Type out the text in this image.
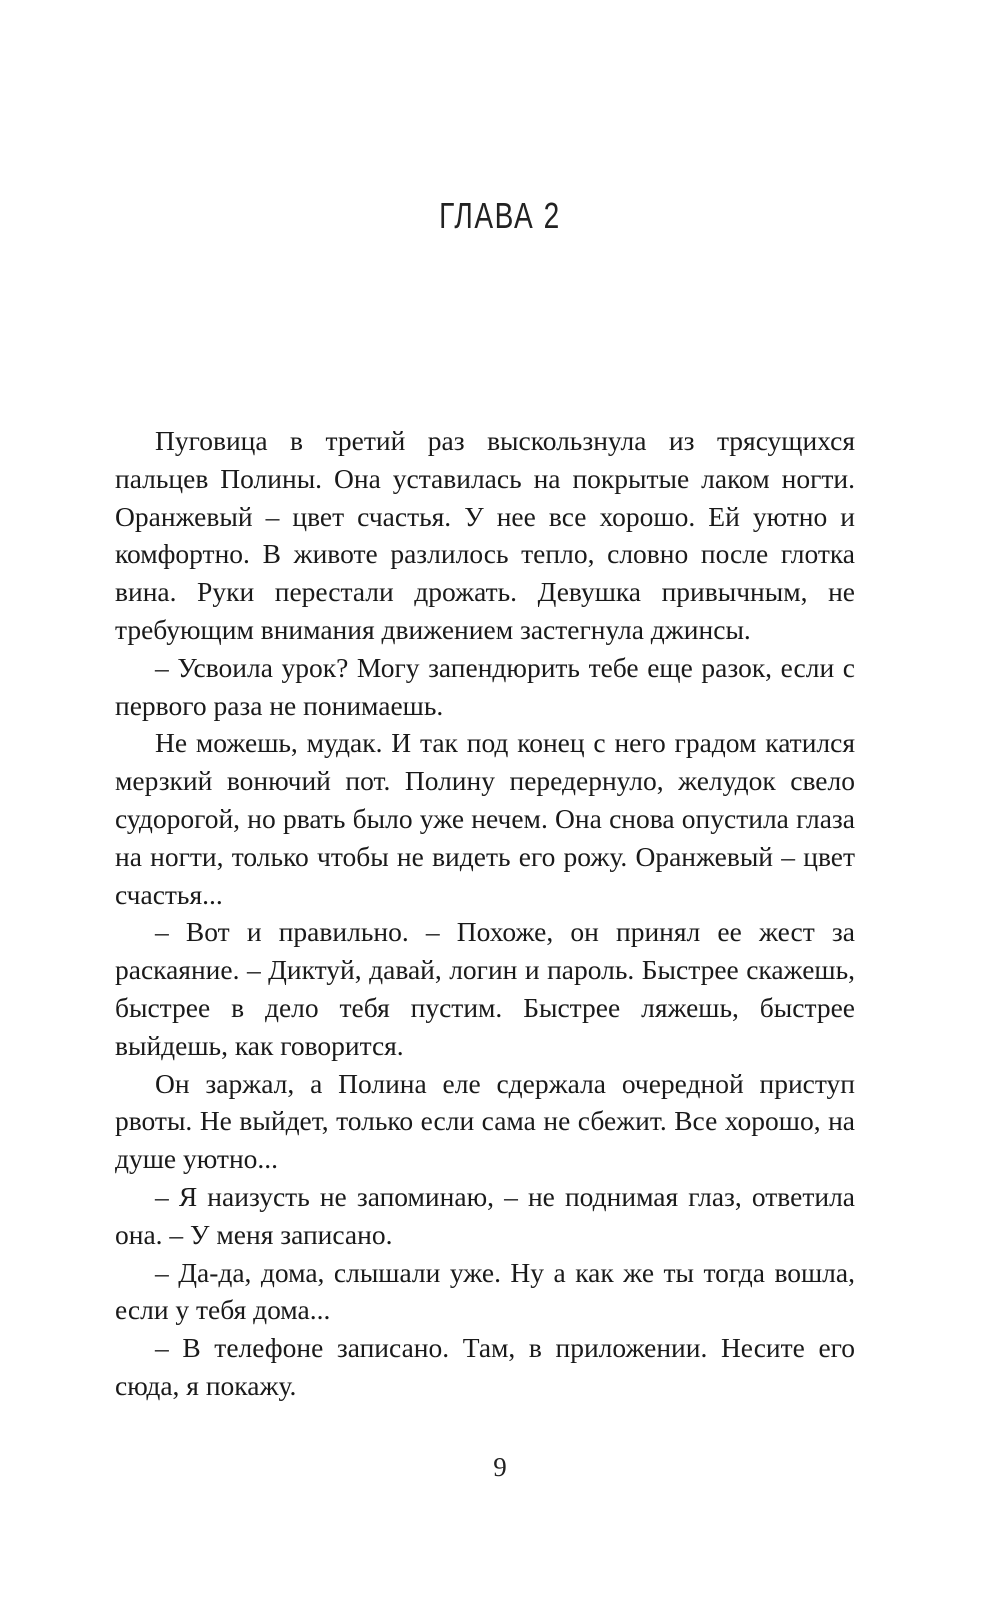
ГЛАВА 2

Пуговица в третий раз выскользнула из трясущихся пальцев Полины. Она уставилась на покрытые лаком ногти. Оранжевый – цвет счастья. У нее все хорошо. Ей уютно и комфортно. В животе разлилось тепло, словно после глотка вина. Руки перестали дрожать. Девушка привычным, не требующим внимания движением застегнула джинсы.

– Усвоила урок? Могу запендюрить тебе еще разок, если с первого раза не понимаешь.

Не можешь, мудак. И так под конец с него градом катился мерзкий вонючий пот. Полину передернуло, желудок свело судорогой, но рвать было уже нечем. Она снова опустила глаза на ногти, только чтобы не видеть его рожу. Оранжевый – цвет счастья...

– Вот и правильно. – Похоже, он принял ее жест за раскаяние. – Диктуй, давай, логин и пароль. Быстрее скажешь, быстрее в дело тебя пустим. Быстрее ляжешь, быстрее выйдешь, как говорится.

Он заржал, а Полина еле сдержала очередной приступ рвоты. Не выйдет, только если сама не сбежит. Все хорошо, на душе уютно...

– Я наизусть не запоминаю, – не поднимая глаз, ответила она. – У меня записано.

– Да-да, дома, слышали уже. Ну а как же ты тогда вошла, если у тебя дома...

– В телефоне записано. Там, в приложении. Несите его сюда, я покажу.

9
